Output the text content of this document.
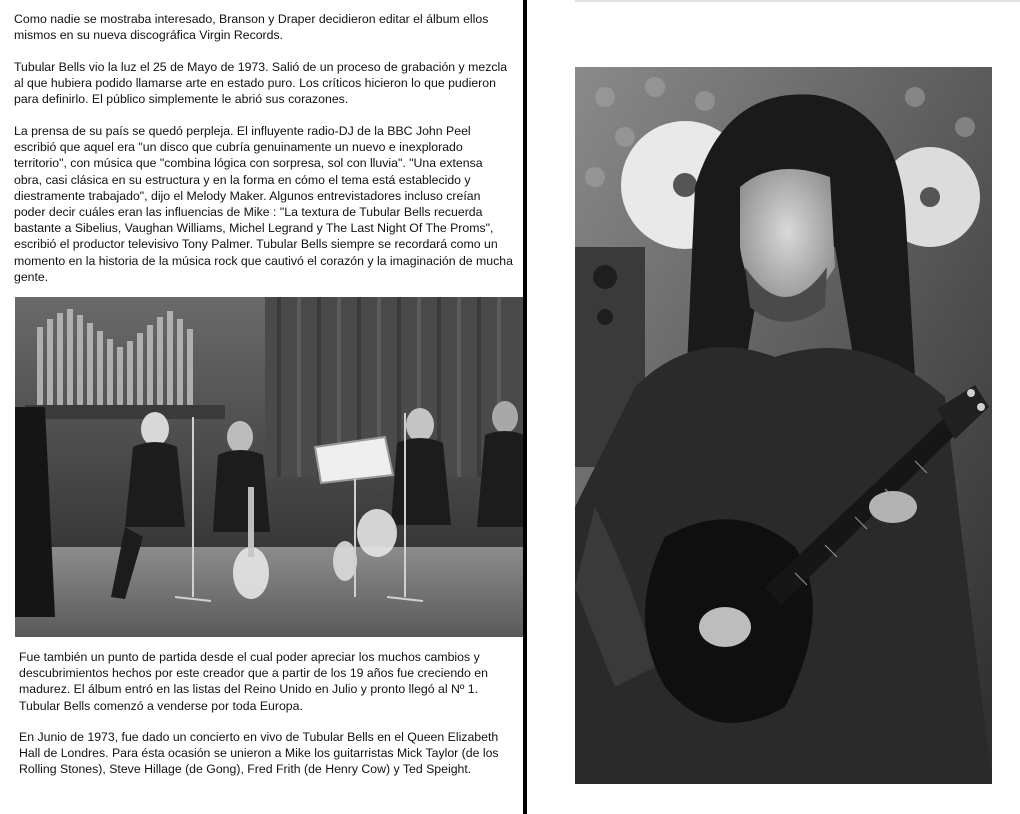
Como nadie se mostraba interesado, Branson y Draper decidieron editar el álbum ellos mismos en su nueva discográfica Virgin Records.

Tubular Bells vio la luz el 25 de Mayo de 1973. Salió de un proceso de grabación y mezcla al que hubiera podido llamarse arte en estado puro. Los críticos hicieron lo que pudieron para definirlo. El público simplemente le abrió sus corazones.

La prensa de su país se quedó perpleja. El influyente radio-DJ de la BBC John Peel escribió que aquel era "un disco que cubría genuinamente un nuevo e inexplorado territorio", con música que "combina lógica con sorpresa, sol con lluvia". "Una extensa obra, casi clásica en su estructura y en la forma en cómo el tema está establecido y diestramente trabajado", dijo el Melody Maker. Algunos entrevistadores incluso creían poder decir cuáles eran las influencias de Mike : "La textura de Tubular Bells recuerda bastante a Sibelius, Vaughan Williams, Michel Legrand y The Last Night Of The Proms", escribió el productor televisivo Tony Palmer. Tubular Bells siempre se recordará como un momento en la historia de la música rock que cautivó el corazón y la imaginación de mucha gente.

Fue también un punto de partida desde el cual poder apreciar los muchos cambios y descubrimientos hechos por este creador que a partir de los 19 años fue creciendo en madurez. El álbum entró en las listas del Reino Unido en Julio y pronto llegó al Nº 1. Tubular Bells comenzó a venderse por toda Europa.

En Junio de 1973, fue dado un concierto en vivo de Tubular Bells en el Queen Elizabeth Hall de Londres. Para ésta ocasión se unieron a Mike los guitarristas Mick Taylor (de los Rolling Stones), Steve Hillage (de Gong), Fred Frith (de Henry Cow) y Ted Speight.
